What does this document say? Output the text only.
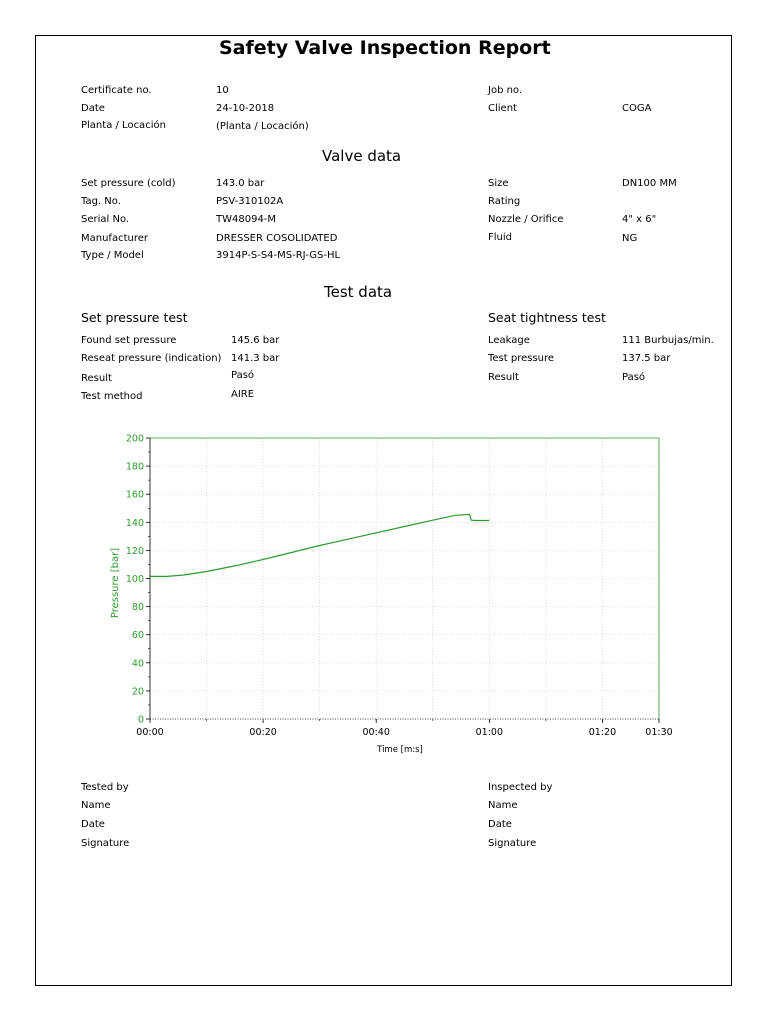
Safety Valve Inspection Report
Certificate no.	10
Date	24-10-2018
Planta / Locación	(Planta / Locación)
Job no.
Client	COGA
Valve data
Set pressure (cold)	143.0 bar
Tag. No.	PSV-310102A
Serial No.	TW48094-M
Manufacturer	DRESSER COSOLIDATED
Type / Model	3914P-S-S4-MS-RJ-GS-HL
Size	DN100 MM
Rating
Nozzle / Orifice	4" x 6"
Fluid	NG
Test data
Set pressure test
Found set pressure	145.6 bar
Reseat pressure (indication) 141.3 bar
Result	Pasó
Test method	AIRE
Seat tightness test
Leakage	111 Burbujas/min.
Test pressure	137.5 bar
Result	Pasó
Tested by
Name
Date
Signature
Inspected by
Name
Date
Signature
0
20
40
60
80
100
120
140
160
180
200
00:00	00:20	00:40	01:00	01:20	01:30
Time [m:s]
Pressure [bar]
